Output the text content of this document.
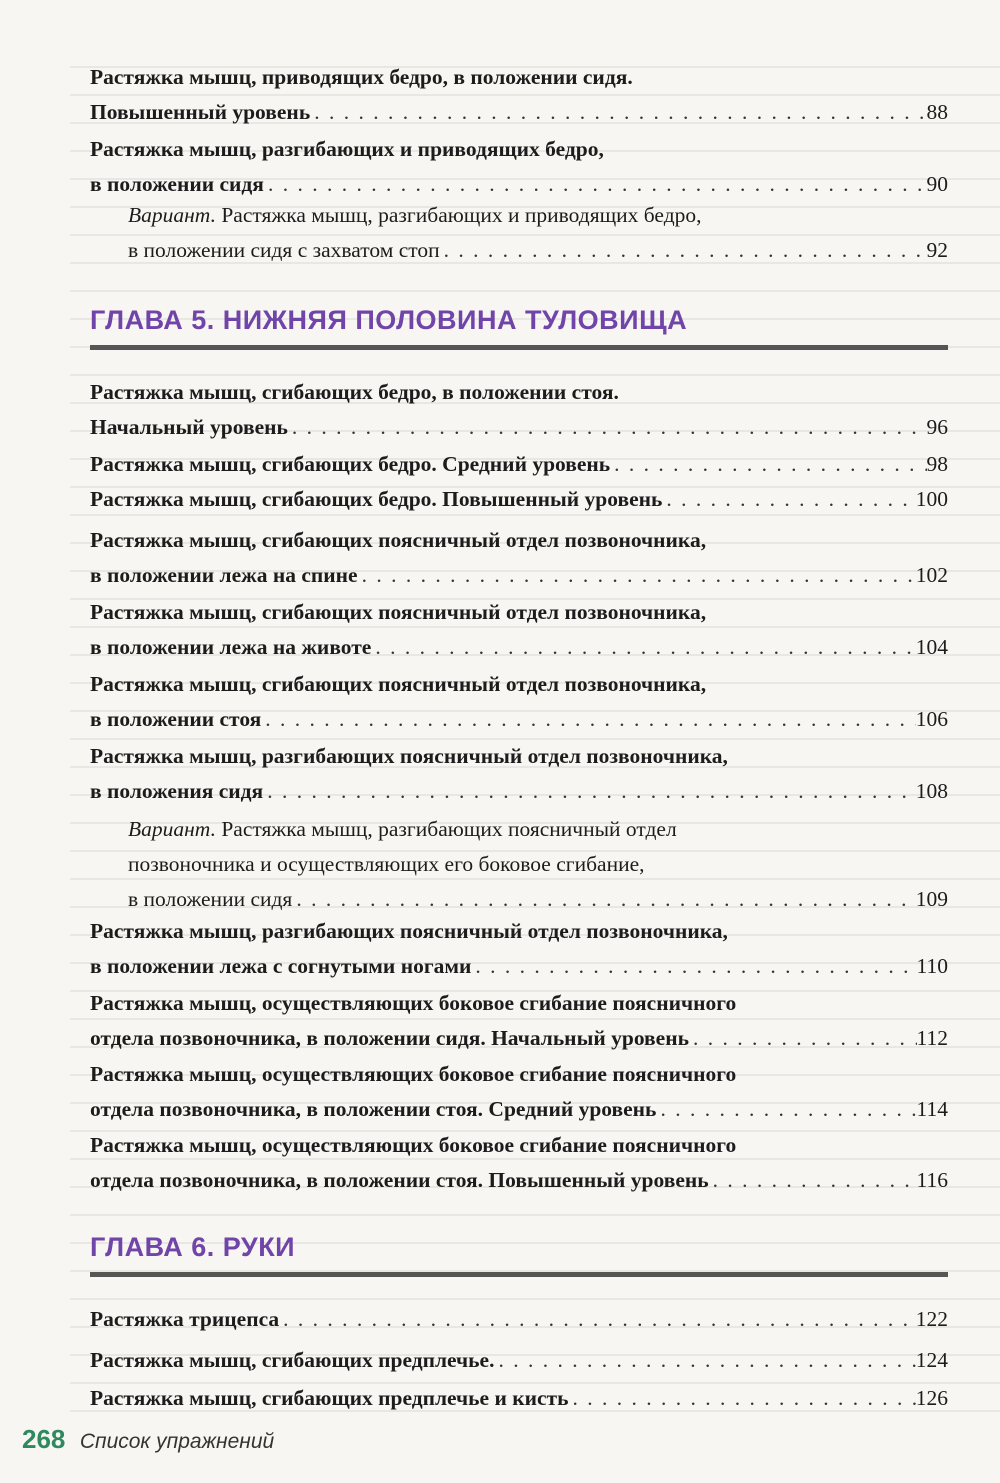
Растяжка мышц, приводящих бедро, в положении сидя.
Повышенный уровень . . .	88
Растяжка мышц, разгибающих и приводящих бедро,
в положении сидя . . .	90
Вариант. Растяжка мышц, разгибающих и приводящих бедро,
в положении сидя с захватом стоп . . .	92
ГЛАВА 5. НИЖНЯЯ ПОЛОВИНА ТУЛОВИЩА
Растяжка мышц, сгибающих бедро, в положении стоя.
Начальный уровень . . .	96
Растяжка мышц, сгибающих бедро. Средний уровень . . .	98
Растяжка мышц, сгибающих бедро. Повышенный уровень . . .	100
Растяжка мышц, сгибающих поясничный отдел позвоночника,
в положении лежа на спине . . .	102
Растяжка мышц, сгибающих поясничный отдел позвоночника,
в положении лежа на животе . . .	104
Растяжка мышц, сгибающих поясничный отдел позвоночника,
в положении стоя . . .	106
Растяжка мышц, разгибающих поясничный отдел позвоночника,
в положения сидя . . .	108
Вариант. Растяжка мышц, разгибающих поясничный отдел
позвоночника и осуществляющих его боковое сгибание,
в положении сидя . . .	109
Растяжка мышц, разгибающих поясничный отдел позвоночника,
в положении лежа с согнутыми ногами . . .	110
Растяжка мышц, осуществляющих боковое сгибание поясничного
отдела позвоночника, в положении сидя. Начальный уровень . . .	112
Растяжка мышц, осуществляющих боковое сгибание поясничного
отдела позвоночника, в положении стоя. Средний уровень . . .	114
Растяжка мышц, осуществляющих боковое сгибание поясничного
отдела позвоночника, в положении стоя. Повышенный уровень . . .	116
ГЛАВА 6. РУКИ
Растяжка трицепса . . .	122
Растяжка мышц, сгибающих предплечье. . . .	124
Растяжка мышц, сгибающих предплечье и кисть . . .	126
268 Список упражнений
